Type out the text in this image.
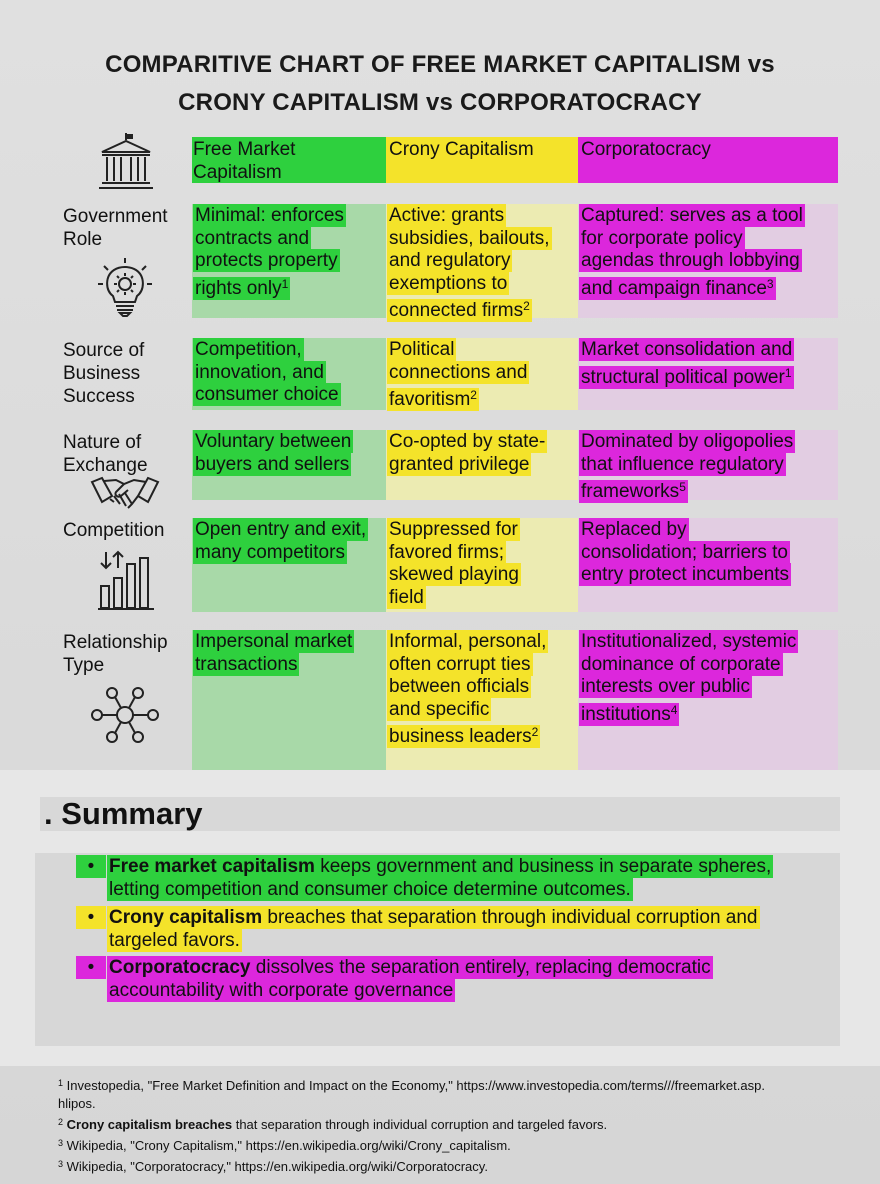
COMPARITIVE CHART OF FREE MARKET CAPITALISM vs
CRONY CAPITALISM vs CORPORATOCRACY
Free Market
Capitalism
Crony Capitalism Corporatocracy
Government
Role
Minimal: enforces
contracts and
protects property
rights only$^1$
Active: grants
subsidies, bailouts,
and regulatory
exemptions to
connected firms$^2$
Captured: serves as a tool
for corporate policy
agendas through lobbying
and campaign finance$^3$
Source of
Business
Success
Competition,
innovation, and
consumer choice
Political
connections and
favoritism$^2$
Market consolidation and
structural political power$^1$
Nature of
Exchange
Voluntary between
buyers and sellers
Co-opted by state-
granted privilege
Dominated by oligopolies
that influence regulatory
frameworks$^5$
Competition Open entry and exit,
many competitors
Suppressed for
favored firms;
skewed playing
field
Replaced by
consolidation; barriers to
entry protect incumbents
Relationship
Type
Impersonal market
transactions
Informal, personal,
often corrupt ties
between officials
and specific
business leaders$^2$
Institutionalized, systemic
dominance of corporate
interests over public
institutions$^4$
. Summary
• Free market capitalism keeps government and business in separate spheres,
letting competition and consumer choice determine outcomes.
• Crony capitalism breaches that separation through individual corruption and
targeled favors.
• Corporatocracy dissolves the separation entirely, replacing democratic
accountability with corporate governance
$^1$ Investopedia, "Free Market Definition and Impact on the Economy," https://www.investopedia.com/terms///freemarket.asp.
hlipos.
$^2$ Crony capitalism breaches that separation through individual corruption and targeled favors.
$^3$ Wikipedia, "Crony Capitalism," https://en.wikipedia.org/wiki/Crony_capitalism.
$^3$ Wikipedia, "Corporatocracy," https://en.wikipedia.org/wiki/Corporatocracy.
